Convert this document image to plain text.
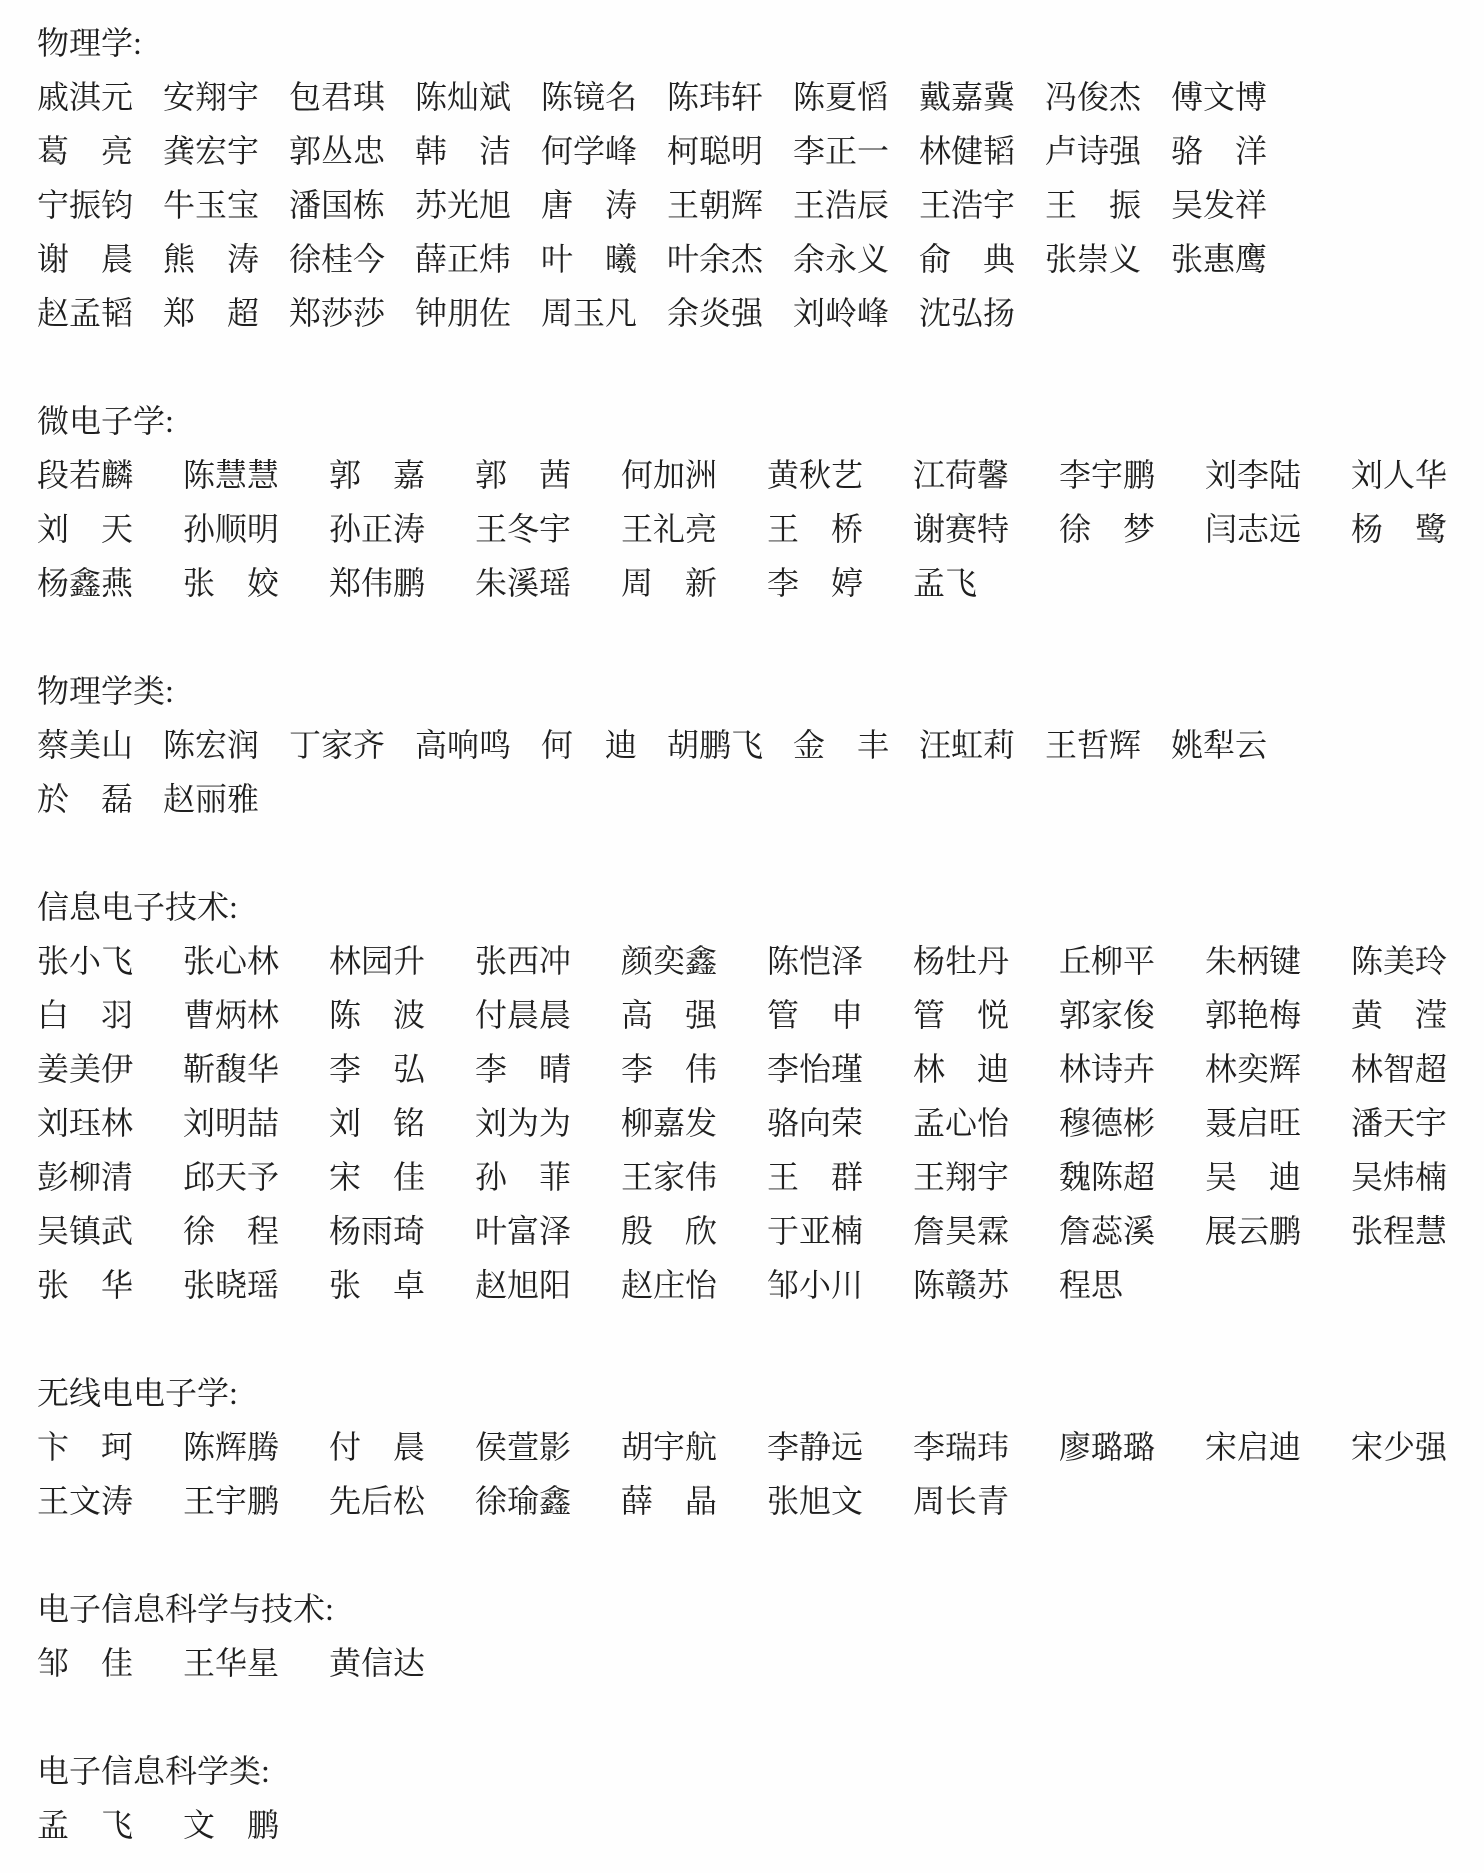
物理学:
戚淇元 安翔宇 包君琪 陈灿斌 陈镜名 陈玮轩 陈夏慆 戴嘉冀 冯俊杰 傅文博
葛　亮 龚宏宇 郭丛忠 韩　洁 何学峰 柯聪明 李正一 林健韬 卢诗强 骆　洋
宁振钧 牛玉宝 潘国栋 苏光旭 唐　涛 王朝辉 王浩辰 王浩宇 王　振 吴发祥
谢　晨 熊　涛 徐桂今 薛正炜 叶　曦 叶余杰 余永义 俞　典 张崇义 张惠鹰
赵孟韬 郑　超 郑莎莎 钟朋佐 周玉凡 余炎强 刘岭峰 沈弘扬
微电子学:
段若麟	陈慧慧	郭　嘉	郭　茜	何加洲	黄秋艺	江荷馨	李宇鹏	刘李陆	刘人华
刘　天	孙顺明	孙正涛	王冬宇	王礼亮	王　桥	谢赛特	徐　梦	闫志远	杨　鹭
杨鑫燕	张　姣	郑伟鹏	朱溪瑶	周　新	李　婷	孟飞
物理学类:
蔡美山 陈宏润 丁家齐 高响鸣 何　迪 胡鹏飞 金　丰 汪虹莉 王哲辉 姚犁云
於　磊 赵丽雅
信息电子技术:
张小飞	张心林	林园升	张西冲	颜奕鑫	陈恺泽	杨牡丹	丘柳平	朱柄键	陈美玲
白　羽	曹炳林	陈　波	付晨晨	高　强	管　申	管　悦	郭家俊	郭艳梅	黄　滢
姜美伊	靳馥华	李　弘	李　晴	李　伟	李怡瑾	林　迪	林诗卉	林奕辉	林智超
刘珏林	刘明喆	刘　铭	刘为为	柳嘉发	骆向荣	孟心怡	穆德彬	聂启旺	潘天宇
彭柳清	邱天予	宋　佳	孙　菲	王家伟	王　群	王翔宇	魏陈超	吴　迪	吴炜楠
吴镇武	徐　程	杨雨琦	叶富泽	殷　欣	于亚楠	詹昊霖	詹蕊溪	展云鹏	张程慧
张　华	张晓瑶	张　卓	赵旭阳	赵庄怡	邹小川	陈赣苏	程思
无线电电子学:
卞　珂	陈辉腾	付　晨	侯萱影	胡宇航	李静远	李瑞玮	廖璐璐	宋启迪	宋少强
王文涛	王宇鹏	先后松	徐瑜鑫	薛　晶	张旭文	周长青
电子信息科学与技术:
邹　佳	王华星	黄信达
电子信息科学类:
孟　飞	文　鹏
